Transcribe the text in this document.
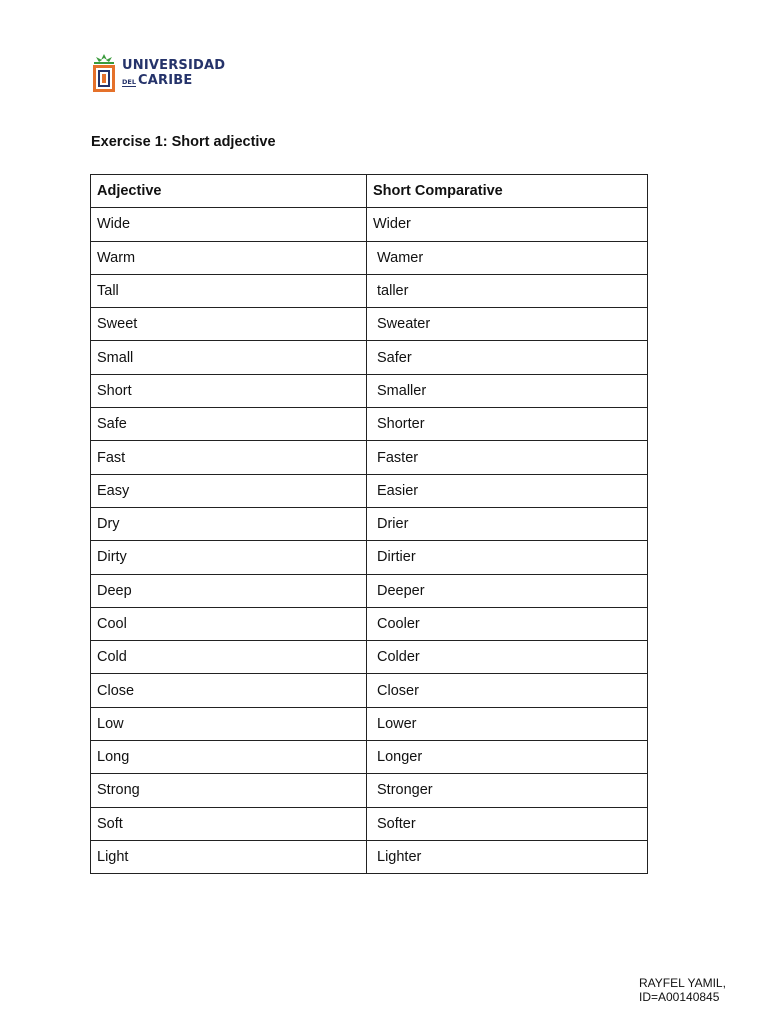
UNIVERSIDAD
DEL CARIBE
Exercise 1: Short adjective
Adjective	Short Comparative
Wide	Wider
Warm	Wamer
Tall	taller
Sweet	Sweater
Small	Safer
Short	Smaller
Safe	Shorter
Fast	Faster
Easy	Easier
Dry	Drier
Dirty	Dirtier
Deep	Deeper
Cool	Cooler
Cold	Colder
Close	Closer
Low	Lower
Long	Longer
Strong	Stronger
Soft	Softer
Light	Lighter
RAYFEL YAMIL,
ID=A00140845
